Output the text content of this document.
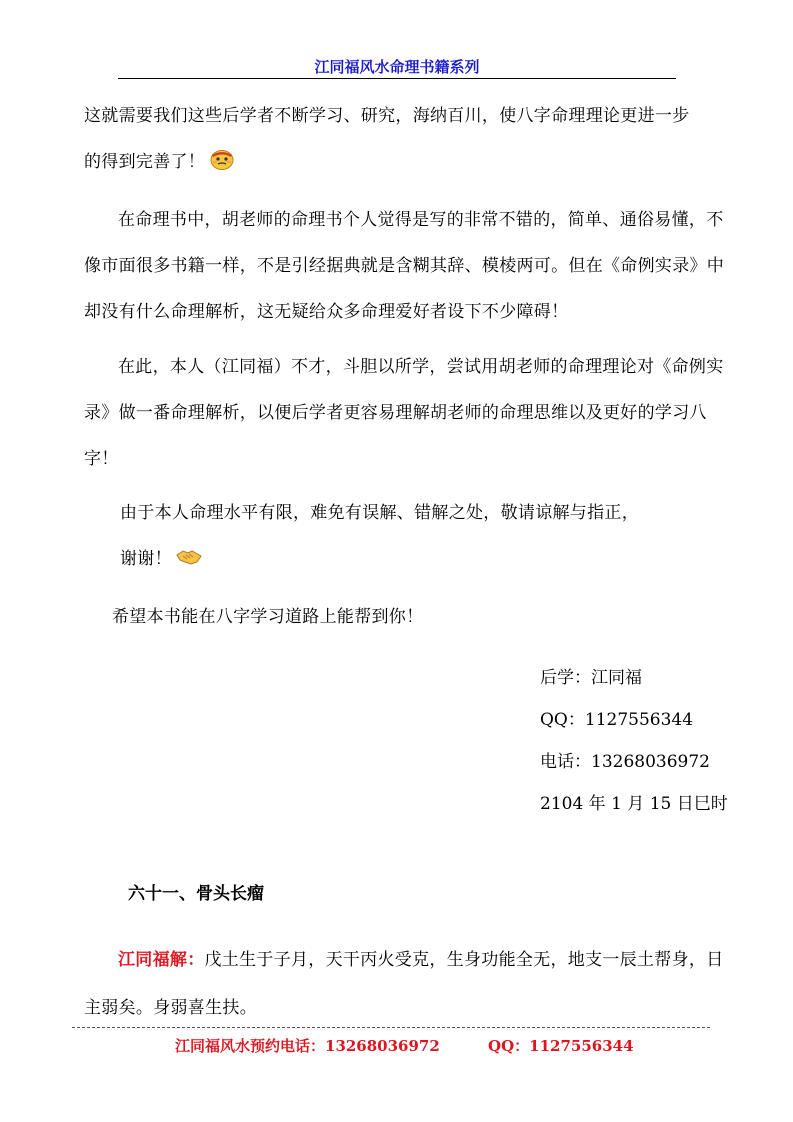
江同福风水命理书籍系列

这就需要我们这些后学者不断学习、研究，海纳百川，使八字命理理论更进一步

的得到完善了！

在命理书中，胡老师的命理书个人觉得是写的非常不错的，简单、通俗易懂，不像市面很多书籍一样，不是引经据典就是含糊其辞、模棱两可。但在《命例实录》中却没有什么命理解析，这无疑给众多命理爱好者设下不少障碍！
在此，本人（江同福）不才，斗胆以所学，尝试用胡老师的命理理论对《命例实录》做一番命理解析，以便后学者更容易理解胡老师的命理思维以及更好的学习八字！

由于本人命理水平有限，难免有误解、错解之处，敬请谅解与指正，

谢谢！

希望本书能在八字学习道路上能帮到你！
后学：江同福
QQ：1127556344
电话：13268036972
2104 年 1 月 15 日巳时
六十一、骨头长瘤
江同福解：戊土生于子月，天干丙火受克，生身功能全无，地支一辰土帮身，日主弱矣。身弱喜生扶。
江同福风水预约电话：13268036972	QQ：1127556344
